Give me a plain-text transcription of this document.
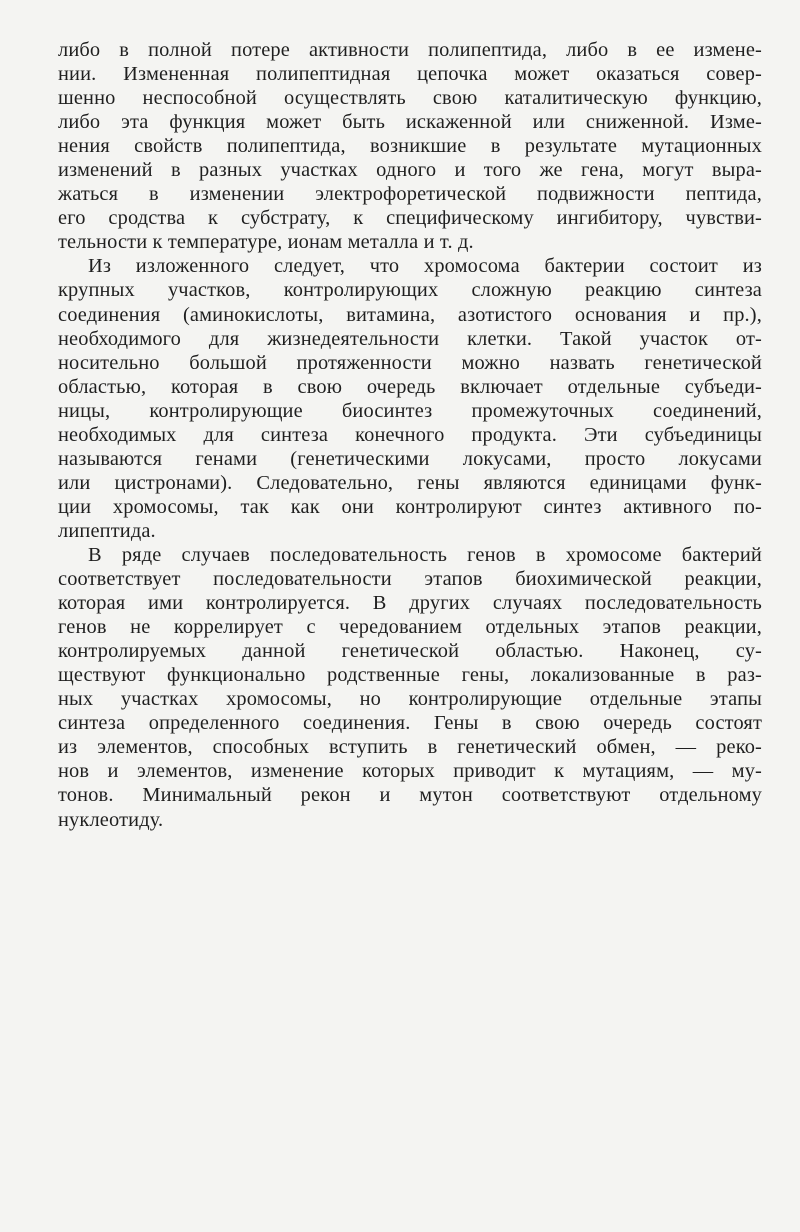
либо в полной потере активности полипептида, либо в ее измене-
нии. Измененная полипептидная цепочка может оказаться совер-
шенно неспособной осуществлять свою каталитическую функцию,
либо эта функция может быть искаженной или сниженной. Изме-
нения свойств полипептида, возникшие в результате мутационных
изменений в разных участках одного и того же гена, могут выра-
жаться в изменении электрофоретической подвижности пептида,
его сродства к субстрату, к специфическому ингибитору, чувстви-
тельности к температуре, ионам металла и т. д.
Из изложенного следует, что хромосома бактерии состоит из
крупных участков, контролирующих сложную реакцию синтеза
соединения (аминокислоты, витамина, азотистого основания и пр.),
необходимого для жизнедеятельности клетки. Такой участок от-
носительно большой протяженности можно назвать генетической
областью, которая в свою очередь включает отдельные субъеди-
ницы, контролирующие биосинтез промежуточных соединений,
необходимых для синтеза конечного продукта. Эти субъединицы
называются генами (генетическими локусами, просто локусами
или цистронами). Следовательно, гены являются единицами функ-
ции хромосомы, так как они контролируют синтез активного по-
липептида.
В ряде случаев последовательность генов в хромосоме бактерий
соответствует последовательности этапов биохимической реакции,
которая ими контролируется. В других случаях последовательность
генов не коррелирует с чередованием отдельных этапов реакции,
контролируемых данной генетической областью. Наконец, су-
ществуют функционально родственные гены, локализованные в раз-
ных участках хромосомы, но контролирующие отдельные этапы
синтеза определенного соединения. Гены в свою очередь состоят
из элементов, способных вступить в генетический обмен, — реко-
нов и элементов, изменение которых приводит к мутациям, — му-
тонов. Минимальный рекон и мутон соответствуют отдельному
нуклеотиду.
